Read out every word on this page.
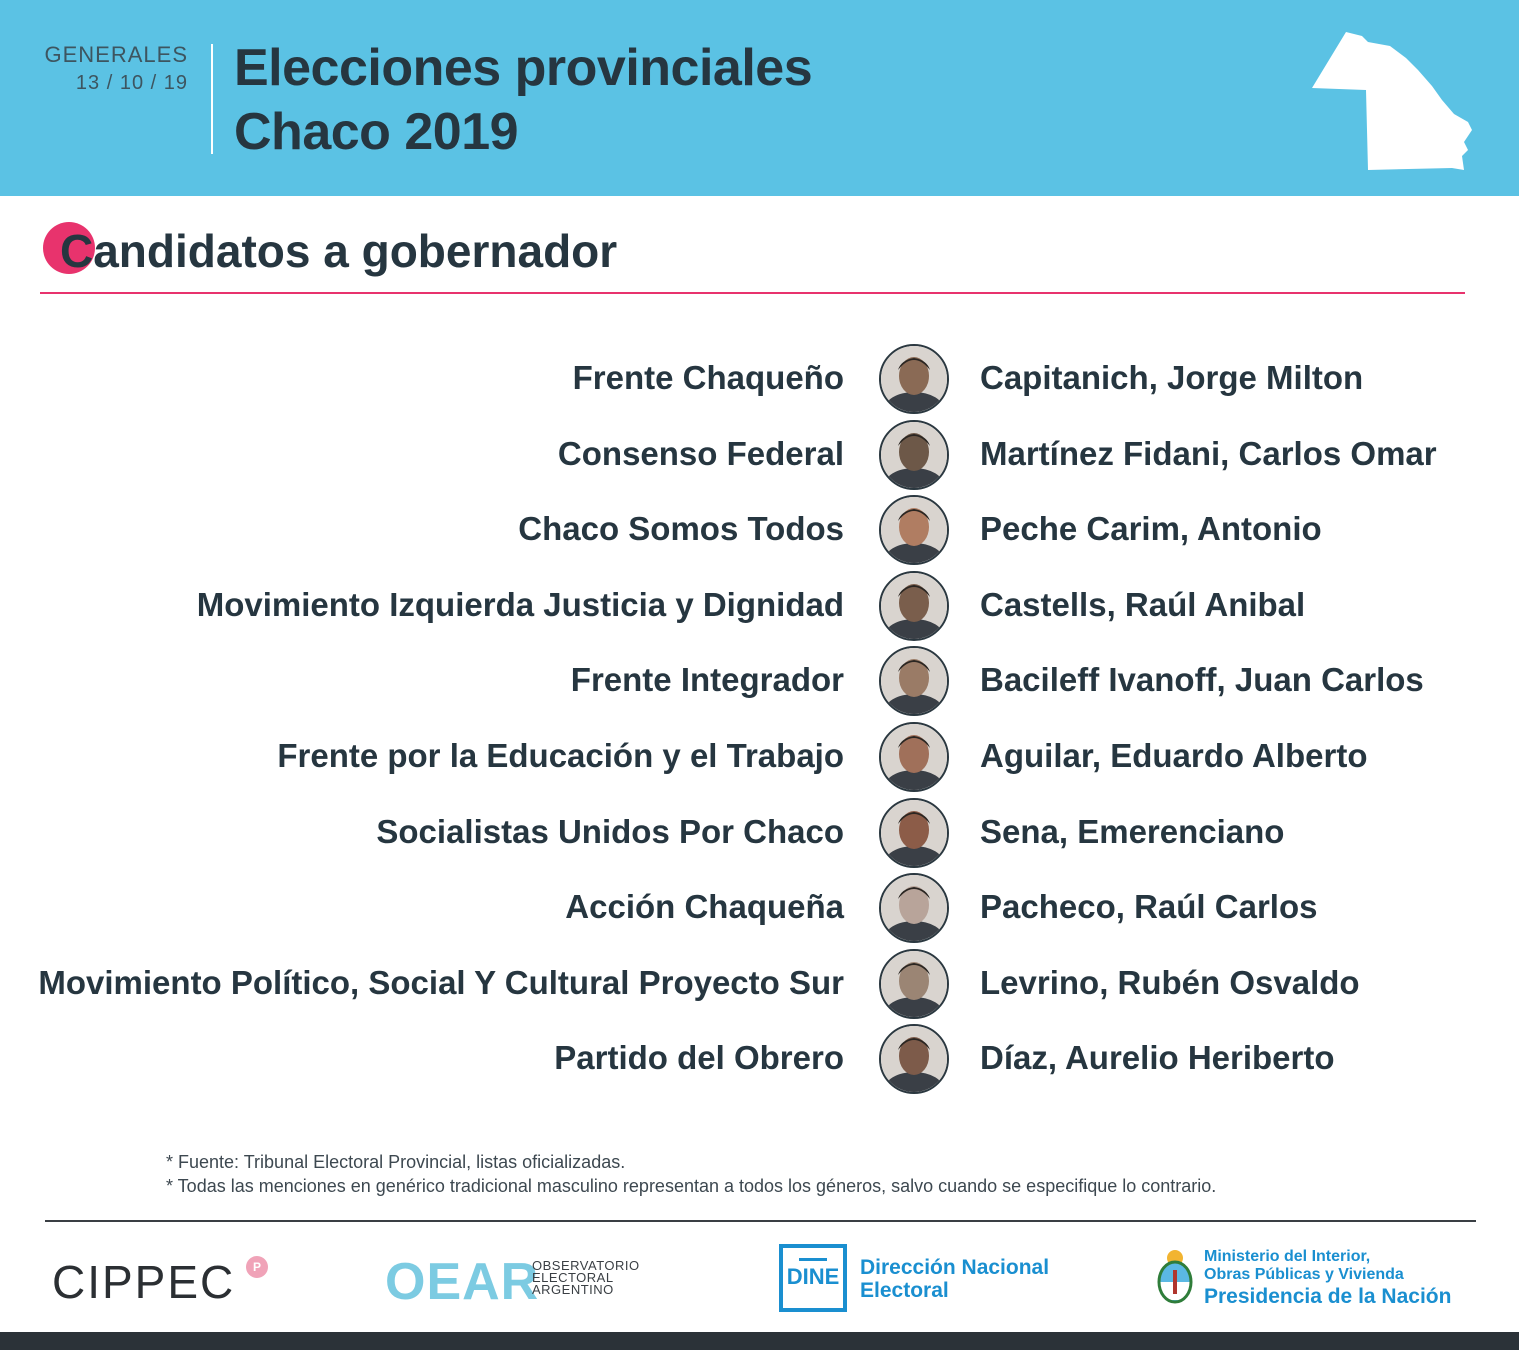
GENERALES
13 / 10 / 19 Elecciones provinciales
Chaco 2019
Candidatos a gobernador
Frente Chaqueño	Capitanich, Jorge Milton
Consenso Federal	Martínez Fidani, Carlos Omar
Chaco Somos Todos	Peche Carim, Antonio
Movimiento Izquierda Justicia y Dignidad	Castells, Raúl Anibal
Frente Integrador	Bacileff Ivanoff, Juan Carlos
Frente por la Educación y el Trabajo	Aguilar, Eduardo Alberto
Socialistas Unidos Por Chaco	Sena, Emerenciano
Acción Chaqueña	Pacheco, Raúl Carlos
Movimiento Político, Social Y Cultural Proyecto Sur	Levrino, Rubén Osvaldo
Partido del Obrero	Díaz, Aurelio Heriberto
* Fuente: Tribunal Electoral Provincial, listas oficializadas.
* Todas las menciones en genérico tradicional masculino representan a todos los géneros, salvo cuando se especifique lo contrario.
CIPPEC	P OEAR
OBSERVATORIO
ELECTORAL
ARGENTINO
DINE Dirección Nacional
Electoral
Ministerio del Interior,
Obras Públicas y Vivienda
Presidencia de la Nación
